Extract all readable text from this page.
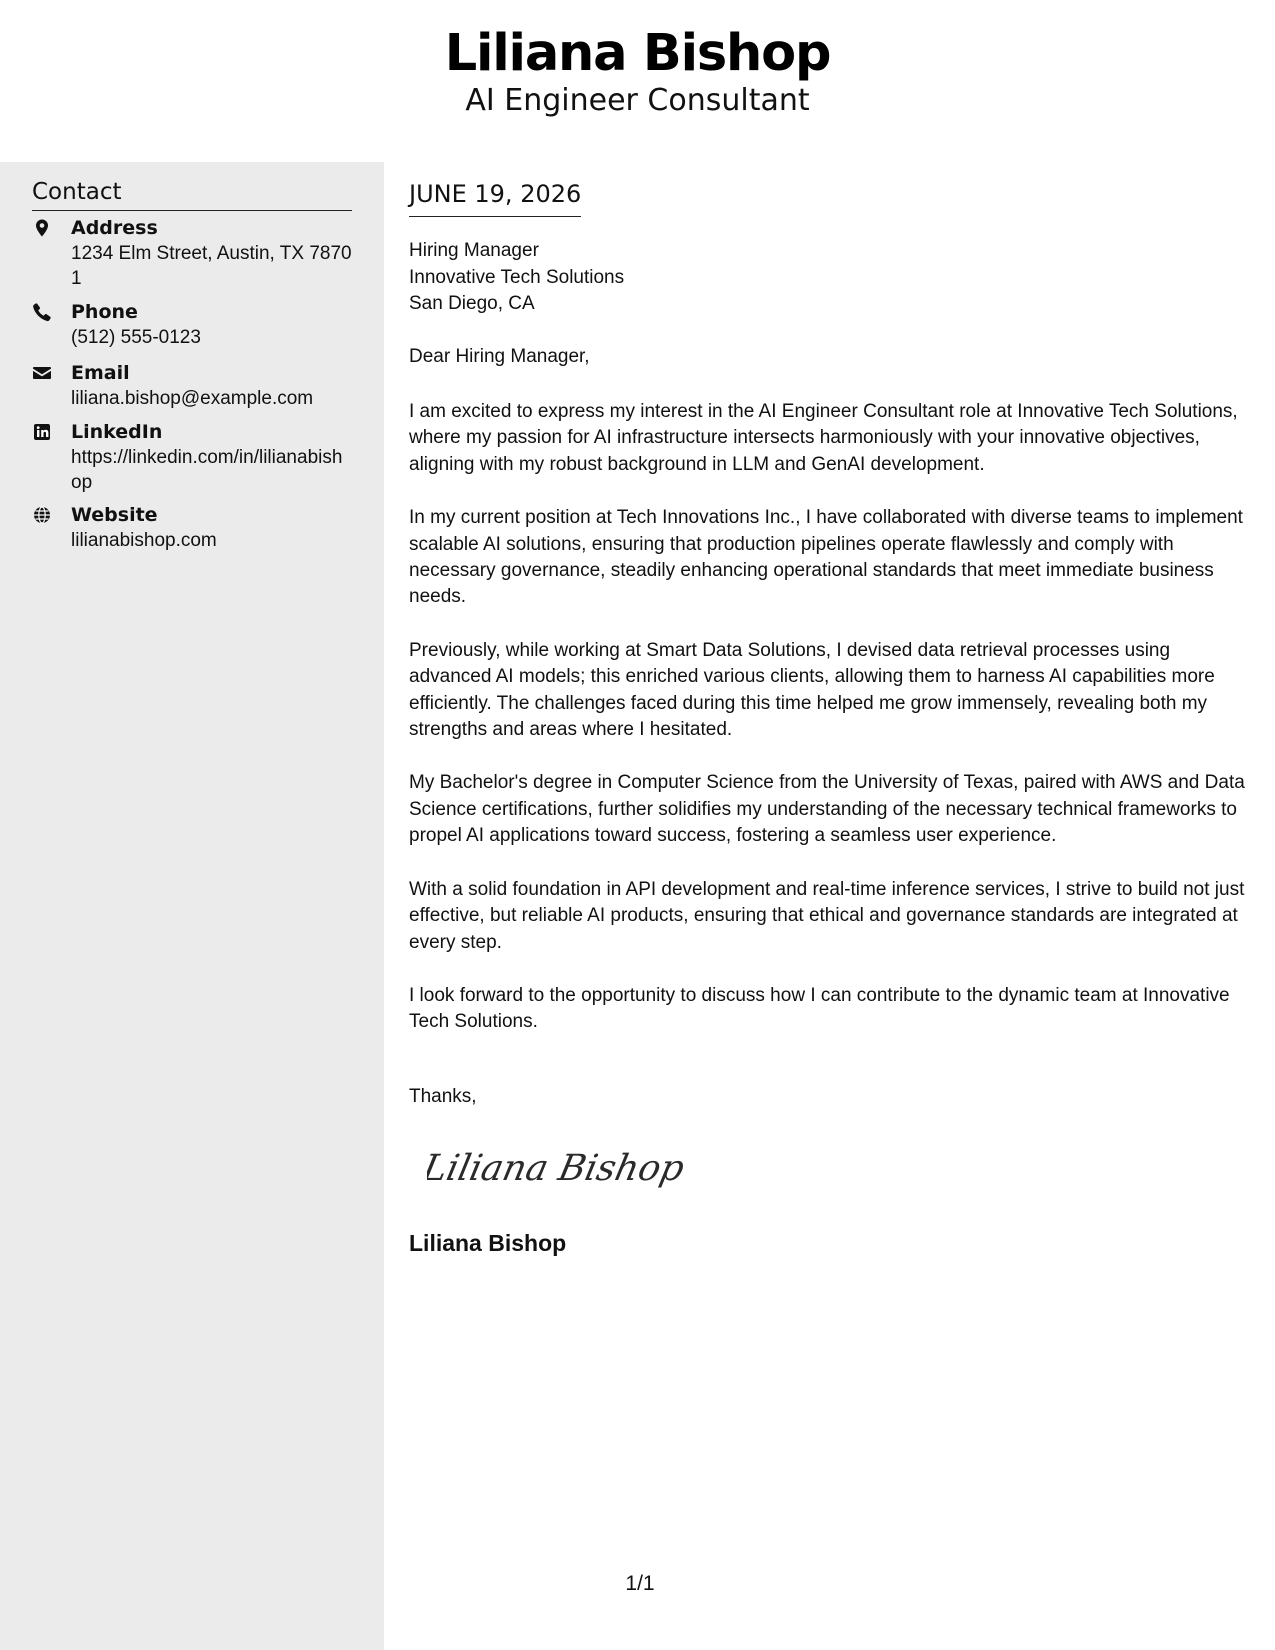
Liliana Bishop
AI Engineer Consultant
Contact
Address
1234 Elm Street, Austin, TX 78701
Phone
(512) 555-0123
Email
liliana.bishop@example.com
LinkedIn
https://linkedin.com/in/lilianabishop
Website
lilianabishop.com
JUNE 19, 2026
Hiring Manager
Innovative Tech Solutions
San Diego, CA
Dear Hiring Manager,

I am excited to express my interest in the AI Engineer Consultant role at Innovative Tech Solutions, where my passion for AI infrastructure intersects harmoniously with your innovative objectives, aligning with my robust background in LLM and GenAI development.

In my current position at Tech Innovations Inc., I have collaborated with diverse teams to implement scalable AI solutions, ensuring that production pipelines operate flawlessly and comply with necessary governance, steadily enhancing operational standards that meet immediate business needs.

Previously, while working at Smart Data Solutions, I devised data retrieval processes using advanced AI models; this enriched various clients, allowing them to harness AI capabilities more efficiently. The challenges faced during this time helped me grow immensely, revealing both my strengths and areas where I hesitated.

My Bachelor's degree in Computer Science from the University of Texas, paired with AWS and Data Science certifications, further solidifies my understanding of the necessary technical frameworks to propel AI applications toward success, fostering a seamless user experience.

With a solid foundation in API development and real-time inference services, I strive to build not just effective, but reliable AI products, ensuring that ethical and governance standards are integrated at every step.

I look forward to the opportunity to discuss how I can contribute to the dynamic team at Innovative Tech Solutions.

Thanks,
Liliana Bishop
Liliana Bishop
1/1
